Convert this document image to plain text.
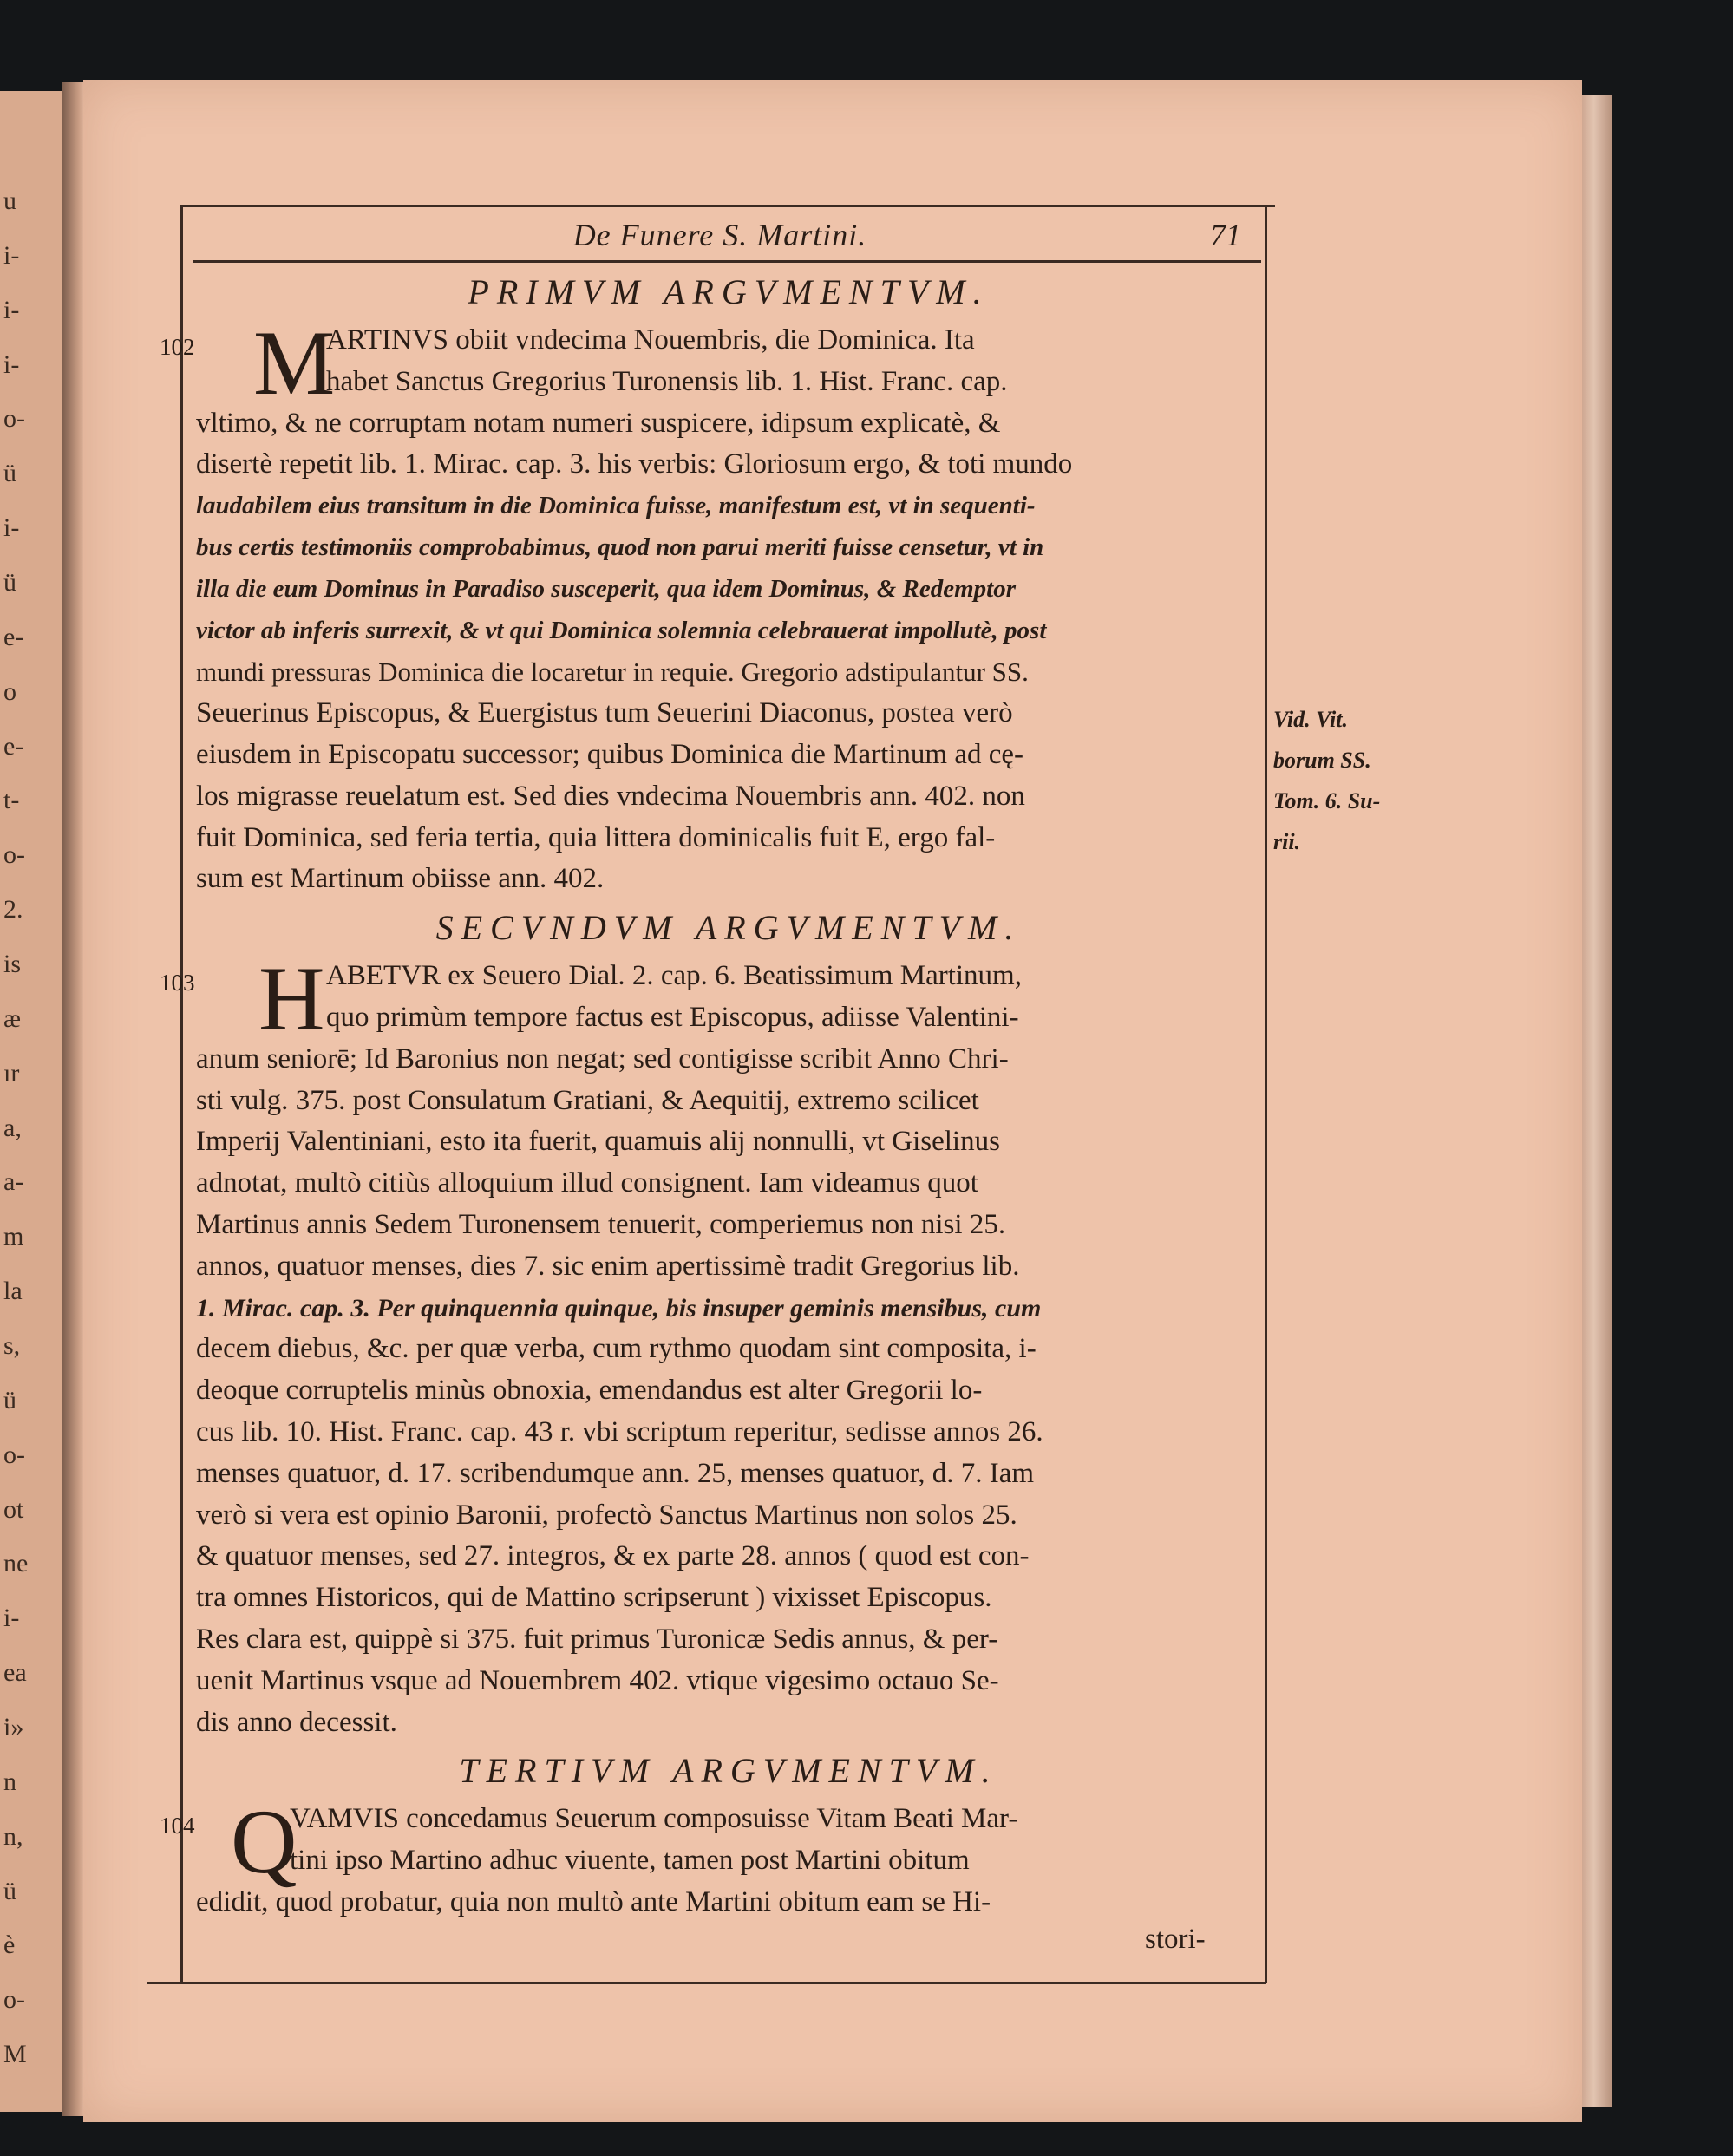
u
i-
i-
i-
o-
ü
i-
ü
e-
o
e-
t-
o-
2.
is
æ
ır
a,
a-
m
la
s,
ü
o-
ot
ne
i-
ea
i»
n
n,
ü
è
o-
M
De Funere S. Martini.	71
PRIMVM ARGVMENTVM.
102 M
ARTINVS obiit vndecima Nouembris, die Dominica. Ita
habet Sanctus Gregorius Turonensis lib. 1. Hist. Franc. cap.
vltimo, & ne corruptam notam numeri suspicere, idipsum explicatè, &
disertè repetit lib. 1. Mirac. cap. 3. his verbis: Gloriosum ergo, & toti mundo
laudabilem eius transitum in die Dominica fuisse, manifestum est, vt in sequenti-
bus certis testimoniis comprobabimus, quod non parui meriti fuisse censetur, vt in
illa die eum Dominus in Paradiso susceperit, qua idem Dominus, & Redemptor
victor ab inferis surrexit, & vt qui Dominica solemnia celebrauerat impollutè, post
mundi pressuras Dominica die locaretur in requie. Gregorio adstipulantur SS.
Seuerinus Episcopus, & Euergistus tum Seuerini Diaconus, postea verò
eiusdem in Episcopatu successor; quibus Dominica die Martinum ad cę-
los migrasse reuelatum est. Sed dies vndecima Nouembris ann. 402. non
fuit Dominica, sed feria tertia, quia littera dominicalis fuit E, ergo fal-
sum est Martinum obiisse ann. 402.
SECVNDVM ARGVMENTVM.
103 H ABETVR ex Seuero Dial. 2. cap. 6. Beatissimum Martinum,
quo primùm tempore factus est Episcopus, adiisse Valentini-
anum seniorē; Id Baronius non negat; sed contigisse scribit Anno Chri-
sti vulg. 375. post Consulatum Gratiani, & Aequitij, extremo scilicet
Imperij Valentiniani, esto ita fuerit, quamuis alij nonnulli, vt Giselinus
adnotat, multò citiùs alloquium illud consignent. Iam videamus quot
Martinus annis Sedem Turonensem tenuerit, comperiemus non nisi 25.
annos, quatuor menses, dies 7. sic enim apertissimè tradit Gregorius lib.
1. Mirac. cap. 3. Per quinquennia quinque, bis insuper geminis mensibus, cum
decem diebus, &c. per quæ verba, cum rythmo quodam sint composita, i-
deoque corruptelis minùs obnoxia, emendandus est alter Gregorii lo-
cus lib. 10. Hist. Franc. cap. 43 r. vbi scriptum reperitur, sedisse annos 26.
menses quatuor, d. 17. scribendumque ann. 25, menses quatuor, d. 7. Iam
verò si vera est opinio Baronii, profectò Sanctus Martinus non solos 25.
& quatuor menses, sed 27. integros, & ex parte 28. annos ( quod est con-
tra omnes Historicos, qui de Mattino scripserunt ) vixisset Episcopus.
Res clara est, quippè si 375. fuit primus Turonicæ Sedis annus, & per-
uenit Martinus vsque ad Nouembrem 402. vtique vigesimo octauo Se-
dis anno decessit.
TERTIVM ARGVMENTVM.
104 Q
VAMVIS concedamus Seuerum composuisse Vitam Beati Mar-
tini ipso Martino adhuc viuente, tamen post Martini obitum
edidit, quod probatur, quia non multò ante Martini obitum eam se Hi-
Vid. Vit.
borum SS.
Tom. 6. Su-
rii.
stori-
